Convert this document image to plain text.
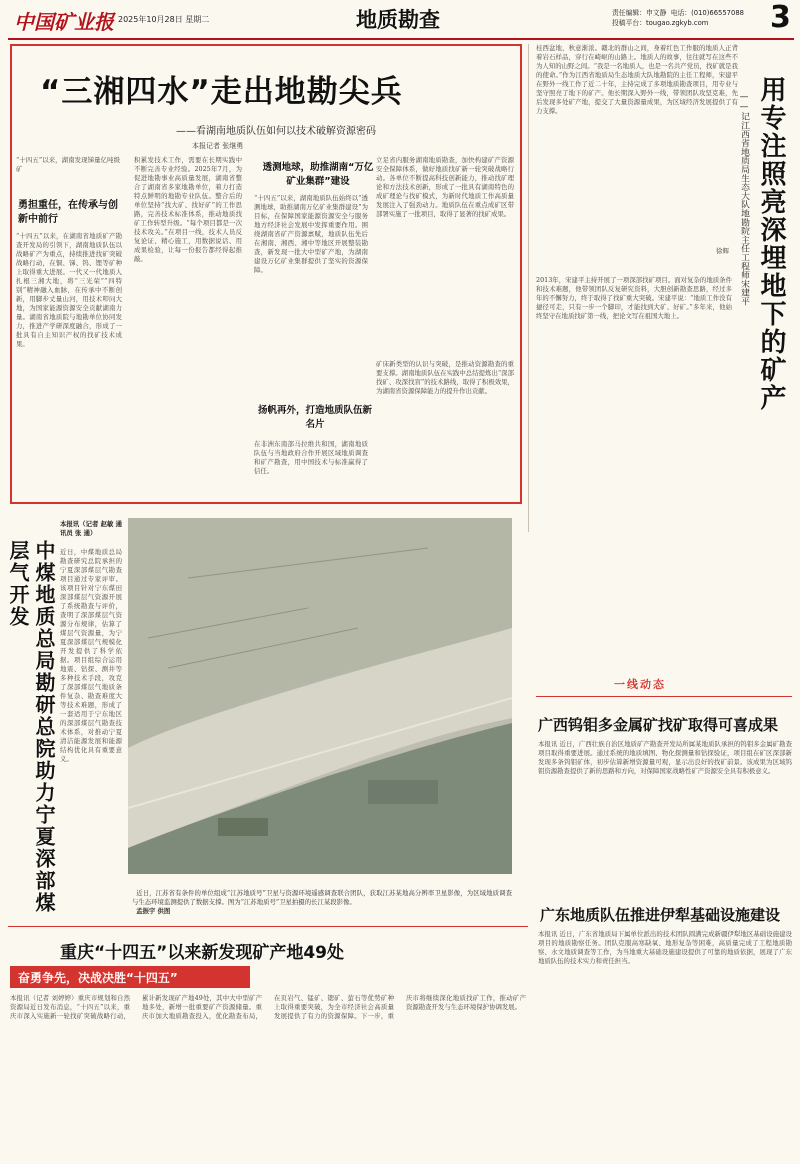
中国矿业报 2025年10月28日 星期二	地质勘查	责任编辑：申文静 电话：(010)66557088
投稿平台：tougao.zgkyb.com	3
“三湘四水”走出地勘尖兵
——看湖南地质队伍如何以技术破解资源密码
本报记者 张继勇
“十四五”以来，湖南发现锑量亿吨级矿
勇担重任，在传承与创新中前行
“十四五”以来，在湖南省地质矿产勘查开发局的引领下，湖南地质队伍以战略矿产为重点，持续推进找矿突破战略行动，在铜、锑、钨、锂等矿种上取得重大进展。一代又一代地质人扎根三湘大地，将“三光荣”“四特别”精神融入血脉，在传承中不断创新，用脚步丈量山河，用技术叩问大地，为国家能源资源安全贡献湖南力量。湖南省地质院与地勘单位协同发力，推进产学研深度融合，形成了一批具有自主知识产权的找矿技术成果。
积累发技术工作，需要在长期实践中不断完善专业经验。2025年7月，为促进地勘事业高质量发展，湖南省整合了湖南省多家地勘单位，着力打造特点鲜明的地勘专业队伍。整合后的单位坚持“找大矿、找好矿”的工作思路，完善技术标准体系，推动地质找矿工作转型升级。“每个项目都是一次技术攻关。”在项目一线，技术人员反复论证、精心施工，用数据说话、用成果检验，让每一份报告都经得起推敲。
透测地球，助推湖南“万亿矿业集群”建设
“十四五”以来，湖南地质队伍始终以“透测地球，助推湖南万亿矿业集群建设”为目标，在保障国家能源资源安全与服务地方经济社会发展中发挥重要作用。围绕湖南省矿产资源禀赋，地质队伍先后在湘南、湘西、湘中等地区开展整装勘查，新发现一批大中型矿产地，为湖南建设万亿矿业集群提供了坚实的资源保障。
扬帆再外，打造地质队伍新名片
在非洲东南部马拉维共和国，湖南地质队伍与当地政府合作开展区域地质调查和矿产勘查，用中国技术与标准赢得了信任。
立足省内服务湖南地质勘查，加快构建矿产资源安全保障体系，做好地质找矿新一轮突破战略行动。各单位不断提高科技创新能力，推动找矿理论和方法技术创新，形成了一批具有湖南特色的成矿理论与找矿模式，为新时代地质工作高质量发展注入了强劲动力。地质队伍在重点成矿区带部署实施了一批项目，取得了显著的找矿成果。
矿床新类型的认识与突破，是推动资源勘查的重要支撑。湖南地质队伍在实践中总结提炼出“深部找矿、攻深找盲”的技术路线，取得了积极效果，为湖南省资源保障能力的提升作出贡献。
桂西盆地，秋意渐浓。赣北的群山之间，身着红色工作服的地质人正背着岩石样品，穿行在崎岖的山路上。地质人的故事，往往就写在这些不为人知的山野之间。“我是一名地质人，也是一名共产党员，找矿就是我的使命。”作为江西省地质局生态地质大队地勘院的主任工程师，宋建平在野外一线工作了近二十年，主持完成了多项地质勘查项目，用专业与坚守照亮了地下的矿产。他长期深入野外一线，带领团队攻坚克难，先后发现多处矿产地，提交了大量资源量成果，为区域经济发展提供了有力支撑。	用专注照亮深埋地下的矿产
——记江西省地质局生态大队地勘院主任工程师宋建平
徐辉
2013年，宋建平主持开展了一项深部找矿项目。面对复杂的地质条件和技术难题，他带领团队反复研究资料，大胆创新勘查思路，经过多年的不懈努力，终于取得了找矿重大突破。宋建平说：“地质工作没有捷径可走，只有一步一个脚印，才能找到大矿、好矿。”多年来，他始终坚守在地质找矿第一线，把论文写在祖国大地上。
中煤地质总局勘研总院助力宁夏深部煤层气开发
本报讯（记者 赵敏 通讯员 张 通）
近日，中煤地质总局勘查研究总院承担的宁夏深部煤层气勘查项目通过专家评审。该项目针对宁东煤田深部煤层气资源开展了系统勘查与评价，查明了深部煤层气资源分布规律，估算了煤层气资源量，为宁夏深部煤层气规模化开发提供了科学依据。项目组综合运用地震、钻探、测井等多种技术手段，攻克了深部煤层气地质条件复杂、勘查难度大等技术难题，形成了一套适用于宁东地区的深部煤层气勘查技术体系，对推动宁夏清洁能源发展和能源结构优化具有重要意义。

近日，江苏省有条件的单位组成“江苏地质号”卫星与资源环境遥感调查联合团队，获取江苏某地高分辨率卫星影像，为区域地质调查与生态环境监测提供了数据支撑。图为“江苏地质号”卫星拍摄的长江某段影像。
孟振宇 供图

一线动态
广西钨钼多金属矿找矿取得可喜成果
本报讯 近日，广西壮族自治区地质矿产勘查开发局所属某地质队承担的钨钼多金属矿勘查项目取得重要进展。通过系统的地质填图、物化探测量和钻探验证，项目组在矿区深部新发现多条钨钼矿体，初步估算新增资源量可观，显示出良好的找矿前景。该成果为区域钨钼资源勘查提供了新的思路和方向，对保障国家战略性矿产资源安全具有积极意义。
广东地质队伍推进伊犁基础设施建设
本报讯 近日，广东省地质局下属单位派出的技术团队圆满完成新疆伊犁地区基础设施建设项目的地质勘察任务。团队克服高寒缺氧、地形复杂等困难，高质量完成了工程地质勘察、水文地质调查等工作，为当地重大基础设施建设提供了可靠的地质依据，展现了广东地质队伍的技术实力和责任担当。
重庆“十四五”以来新发现矿产地49处
奋勇争先，决战决胜“十四五”
本报讯（记者 刘婷婷）重庆市规划和自然资源局近日发布消息，“十四五”以来，重庆市深入实施新一轮找矿突破战略行动，累计新发现矿产地49处，其中大中型矿产地多处，新增一批重要矿产资源储量。重庆市加大地质勘查投入，优化勘查布局，在页岩气、锰矿、锶矿、萤石等优势矿种上取得重要突破，为全市经济社会高质量发展提供了有力的资源保障。下一步，重庆市将继续深化地质找矿工作，推动矿产资源勘查开发与生态环境保护协调发展。
